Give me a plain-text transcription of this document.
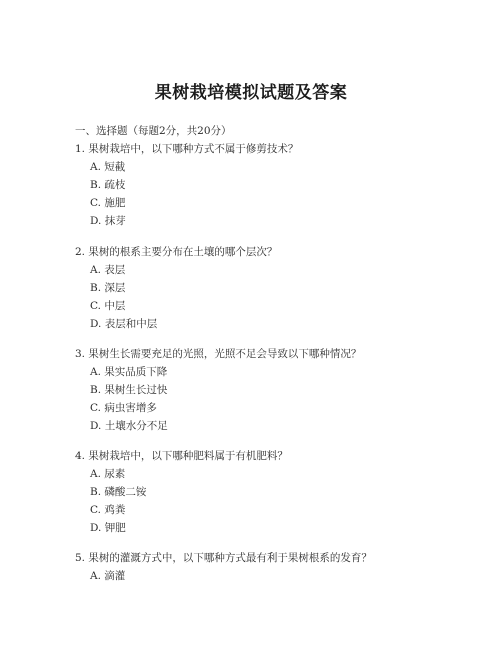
果树栽培模拟试题及答案
一、选择题（每题2分，共20分）
1. 果树栽培中，以下哪种方式不属于修剪技术？
A. 短截
B. 疏枝
C. 施肥
D. 抹芽
2. 果树的根系主要分布在土壤的哪个层次？
A. 表层
B. 深层
C. 中层
D. 表层和中层
3. 果树生长需要充足的光照，光照不足会导致以下哪种情况？
A. 果实品质下降
B. 果树生长过快
C. 病虫害增多
D. 土壤水分不足
4. 果树栽培中，以下哪种肥料属于有机肥料？
A. 尿素
B. 磷酸二铵
C. 鸡粪
D. 钾肥
5. 果树的灌溉方式中，以下哪种方式最有利于果树根系的发育？
A. 滴灌
